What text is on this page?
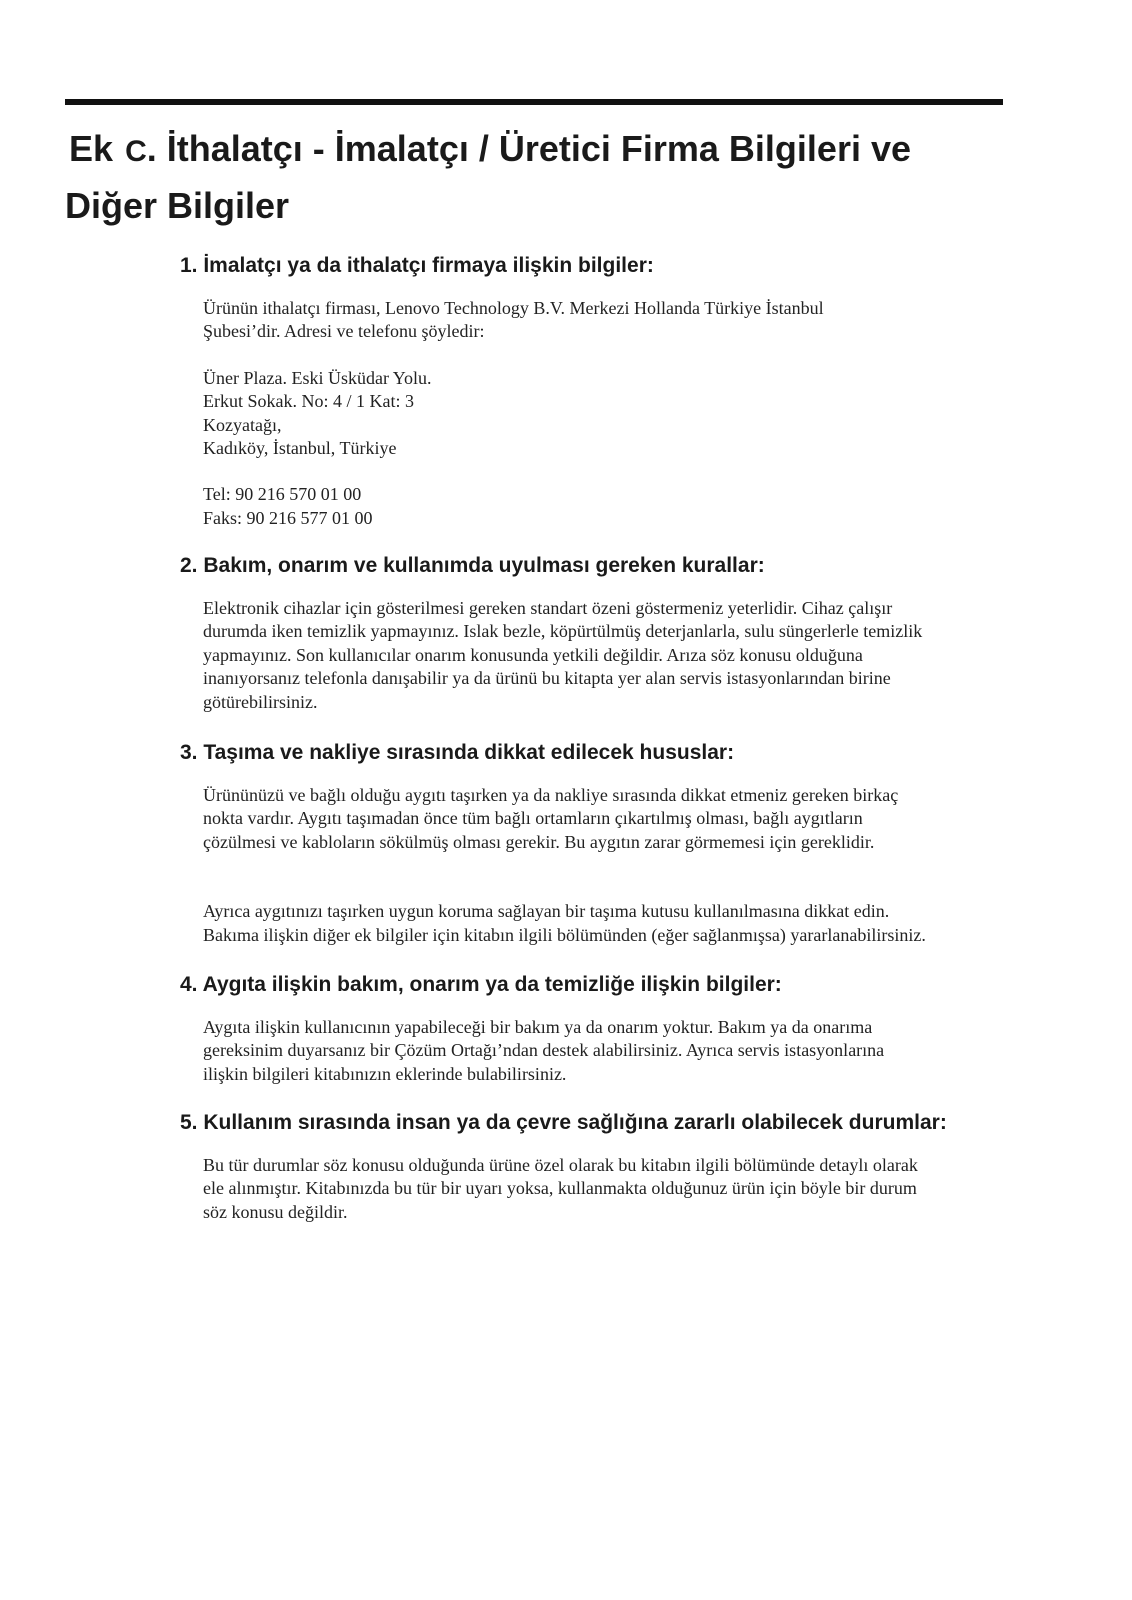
Ek C. İthalatçı - İmalatçı / Üretici Firma Bilgileri ve
Diğer Bilgiler
1. İmalatçı ya da ithalatçı firmaya ilişkin bilgiler:

Ürünün ithalatçı firması, Lenovo Technology B.V. Merkezi Hollanda Türkiye İstanbul
Şubesi’dir. Adresi ve telefonu şöyledir:

Üner Plaza. Eski Üsküdar Yolu.
Erkut Sokak. No: 4 / 1 Kat: 3
Kozyatağı,
Kadıköy, İstanbul, Türkiye

Tel: 90 216 570 01 00
Faks: 90 216 577 01 00

2. Bakım, onarım ve kullanımda uyulması gereken kurallar:

Elektronik cihazlar için gösterilmesi gereken standart özeni göstermeniz yeterlidir. Cihaz çalışır
durumda iken temizlik yapmayınız. Islak bezle, köpürtülmüş deterjanlarla, sulu süngerlerle temizlik
yapmayınız. Son kullanıcılar onarım konusunda yetkili değildir. Arıza söz konusu olduğuna
inanıyorsanız telefonla danışabilir ya da ürünü bu kitapta yer alan servis istasyonlarından birine
götürebilirsiniz.

3. Taşıma ve nakliye sırasında dikkat edilecek hususlar:

Ürününüzü ve bağlı olduğu aygıtı taşırken ya da nakliye sırasında dikkat etmeniz gereken birkaç
nokta vardır. Aygıtı taşımadan önce tüm bağlı ortamların çıkartılmış olması, bağlı aygıtların
çözülmesi ve kabloların sökülmüş olması gerekir. Bu aygıtın zarar görmemesi için gereklidir.

Ayrıca aygıtınızı taşırken uygun koruma sağlayan bir taşıma kutusu kullanılmasına dikkat edin.
Bakıma ilişkin diğer ek bilgiler için kitabın ilgili bölümünden (eğer sağlanmışsa) yararlanabilirsiniz.

4. Aygıta ilişkin bakım, onarım ya da temizliğe ilişkin bilgiler:

Aygıta ilişkin kullanıcının yapabileceği bir bakım ya da onarım yoktur. Bakım ya da onarıma
gereksinim duyarsanız bir Çözüm Ortağı’ndan destek alabilirsiniz. Ayrıca servis istasyonlarına
ilişkin bilgileri kitabınızın eklerinde bulabilirsiniz.

5. Kullanım sırasında insan ya da çevre sağlığına zararlı olabilecek durumlar:

Bu tür durumlar söz konusu olduğunda ürüne özel olarak bu kitabın ilgili bölümünde detaylı olarak
ele alınmıştır. Kitabınızda bu tür bir uyarı yoksa, kullanmakta olduğunuz ürün için böyle bir durum
söz konusu değildir.
